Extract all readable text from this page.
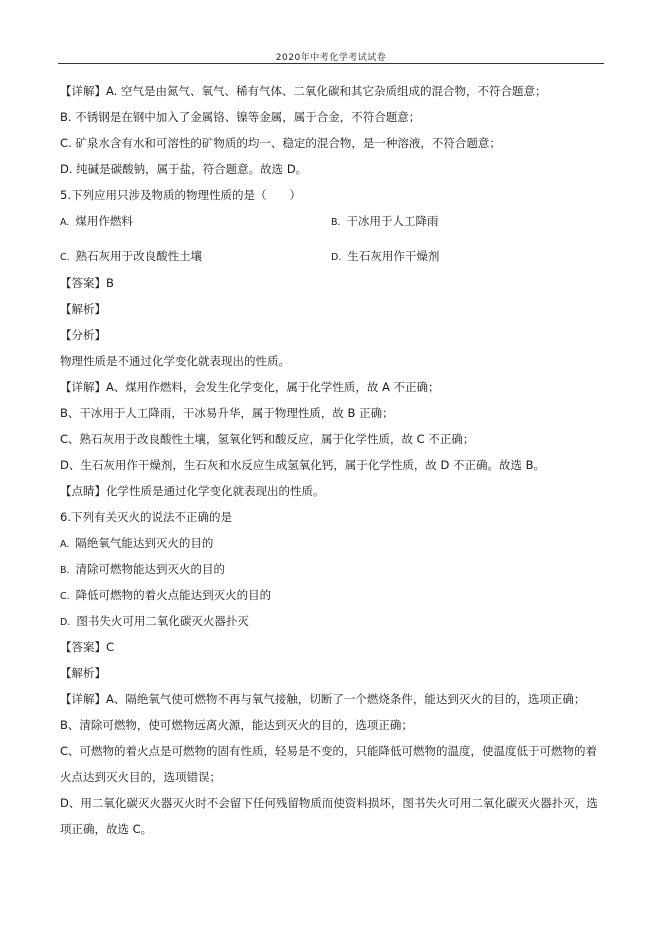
2020年中考化学考试试卷
【详解】A. 空气是由氮气、氧气、稀有气体、二氧化碳和其它杂质组成的混合物，不符合题意；
B. 不锈钢是在钢中加入了金属铬、镍等金属，属于合金，不符合题意；
C. 矿泉水含有水和可溶性的矿物质的均一、稳定的混合物，是一种溶液，不符合题意；
D. 纯碱是碳酸钠，属于盐，符合题意。故选 D。
5.下列应用只涉及物质的物理性质的是（　　）
A. 煤用作燃料	B. 干冰用于人工降雨
C. 熟石灰用于改良酸性土壤	D. 生石灰用作干燥剂
【答案】B
【解析】
【分析】
物理性质是不通过化学变化就表现出的性质。
【详解】A、煤用作燃料，会发生化学变化，属于化学性质，故 A 不正确；
B、干冰用于人工降雨，干冰易升华，属于物理性质，故 B 正确；
C、熟石灰用于改良酸性土壤，氢氧化钙和酸反应，属于化学性质，故 C 不正确；
D、生石灰用作干燥剂，生石灰和水反应生成氢氧化钙，属于化学性质，故 D 不正确。故选 B。
【点睛】化学性质是通过化学变化就表现出的性质。
6.下列有关灭火的说法不正确的是
A. 隔绝氧气能达到灭火的目的
B. 清除可燃物能达到灭火的目的
C. 降低可燃物的着火点能达到灭火的目的
D. 图书失火可用二氧化碳灭火器扑灭
【答案】C
【解析】
【详解】A、隔绝氧气使可燃物不再与氧气接触，切断了一个燃烧条件，能达到灭火的目的，选项正确；
B、清除可燃物，使可燃物远离火源，能达到灭火的目的，选项正确；
C、可燃物的着火点是可燃物的固有性质，轻易是不变的，只能降低可燃物的温度，使温度低于可燃物的着
火点达到灭火目的，选项错误；
D、用二氧化碳灭火器灭火时不会留下任何残留物质而使资料损坏，图书失火可用二氧化碳灭火器扑灭，选
项正确，故选 C。
